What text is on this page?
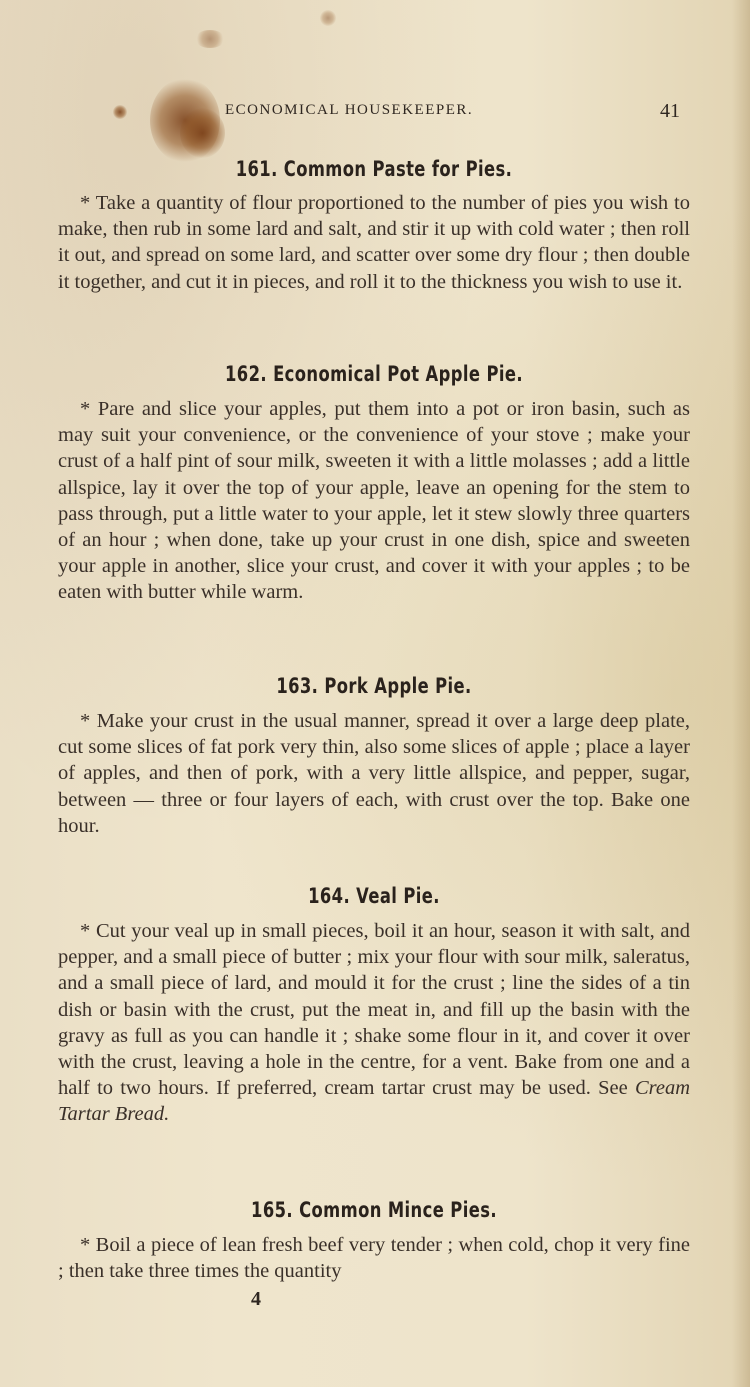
ECONOMICAL HOUSEKEEPER.	41
161. Common Paste for Pies.

* Take a quantity of flour proportioned to the number of pies you wish to make, then rub in some lard and salt, and stir it up with cold water ; then roll it out, and spread on some lard, and scatter over some dry flour ; then double it together, and cut it in pieces, and roll it to the thickness you wish to use it.

162. Economical Pot Apple Pie.

* Pare and slice your apples, put them into a pot or iron basin, such as may suit your convenience, or the convenience of your stove ; make your crust of a half pint of sour milk, sweeten it with a little molasses ; add a little allspice, lay it over the top of your apple, leave an opening for the stem to pass through, put a little water to your apple, let it stew slowly three quarters of an hour ; when done, take up your crust in one dish, spice and sweeten your apple in another, slice your crust, and cover it with your apples ; to be eaten with butter while warm.

163. Pork Apple Pie.

* Make your crust in the usual manner, spread it over a large deep plate, cut some slices of fat pork very thin, also some slices of apple ; place a layer of apples, and then of pork, with a very little allspice, and pepper, sugar, between — three or four layers of each, with crust over the top. Bake one hour.

164. Veal Pie.

* Cut your veal up in small pieces, boil it an hour, season it with salt, and pepper, and a small piece of butter ; mix your flour with sour milk, saleratus, and a small piece of lard, and mould it for the crust ; line the sides of a tin dish or basin with the crust, put the meat in, and fill up the basin with the gravy as full as you can handle it ; shake some flour in it, and cover it over with the crust, leaving a hole in the centre, for a vent. Bake from one and a half to two hours. If preferred, cream tartar crust may be used. See Cream Tartar Bread.

165. Common Mince Pies.

* Boil a piece of lean fresh beef very tender ; when cold, chop it very fine ; then take three times the quantity

4
